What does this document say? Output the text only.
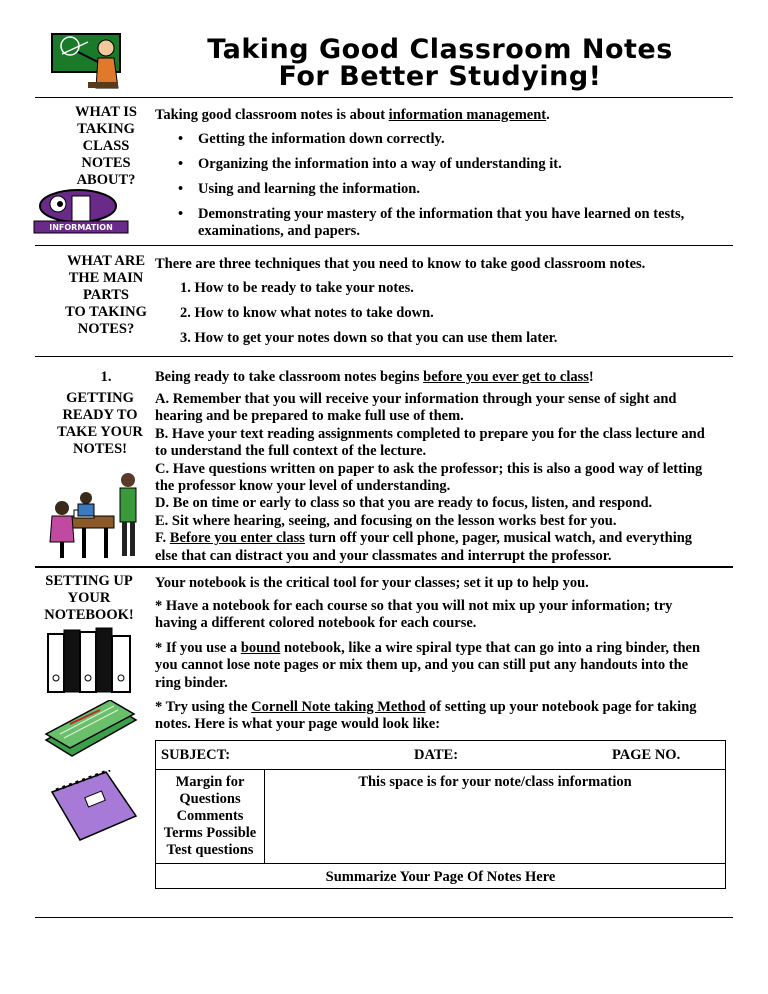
Taking Good Classroom Notes
For Better Studying!
WHAT IS
TAKING
CLASS
NOTES
ABOUT?
INFORMATION
Taking good classroom notes is about information management.
• Getting the information down correctly.
• Organizing the information into a way of understanding it.
• Using and learning the information.
• Demonstrating your mastery of the information that you have learned on tests, examinations, and papers.
WHAT ARE
THE MAIN
PARTS
TO TAKING
NOTES?
There are three techniques that you need to know to take good classroom notes.
1. How to be ready to take your notes.
2. How to know what notes to take down.
3. How to get your notes down so that you can use them later.
1.
GETTING
READY TO
TAKE YOUR
NOTES!
Being ready to take classroom notes begins before you ever get to class!
A. Remember that you will receive your information through your sense of sight and
hearing and be prepared to make full use of them.
B. Have your text reading assignments completed to prepare you for the class lecture and
to understand the full context of the lecture.
C. Have questions written on paper to ask the professor; this is also a good way of letting
the professor know your level of understanding.
D. Be on time or early to class so that you are ready to focus, listen, and respond.
E. Sit where hearing, seeing, and focusing on the lesson works best for you.
F. Before you enter class turn off your cell phone, pager, musical watch, and everything
else that can distract you and your classmates and interrupt the professor.
SETTING UP
YOUR
NOTEBOOK!
Your notebook is the critical tool for your classes; set it up to help you.
* Have a notebook for each course so that you will not mix up your information; try
having a different colored notebook for each course.
* If you use a bound notebook, like a wire spiral type that can go into a ring binder, then
you cannot lose note pages or mix them up, and you can still put any handouts into the
ring binder.
* Try using the Cornell Note taking Method of setting up your notebook page for taking
notes. Here is what your page would look like:
SUBJECT:	DATE:	PAGE NO.
Margin for
Questions
Comments
Terms Possible
Test questions
This space is for your note/class information
Summarize Your Page Of Notes Here
